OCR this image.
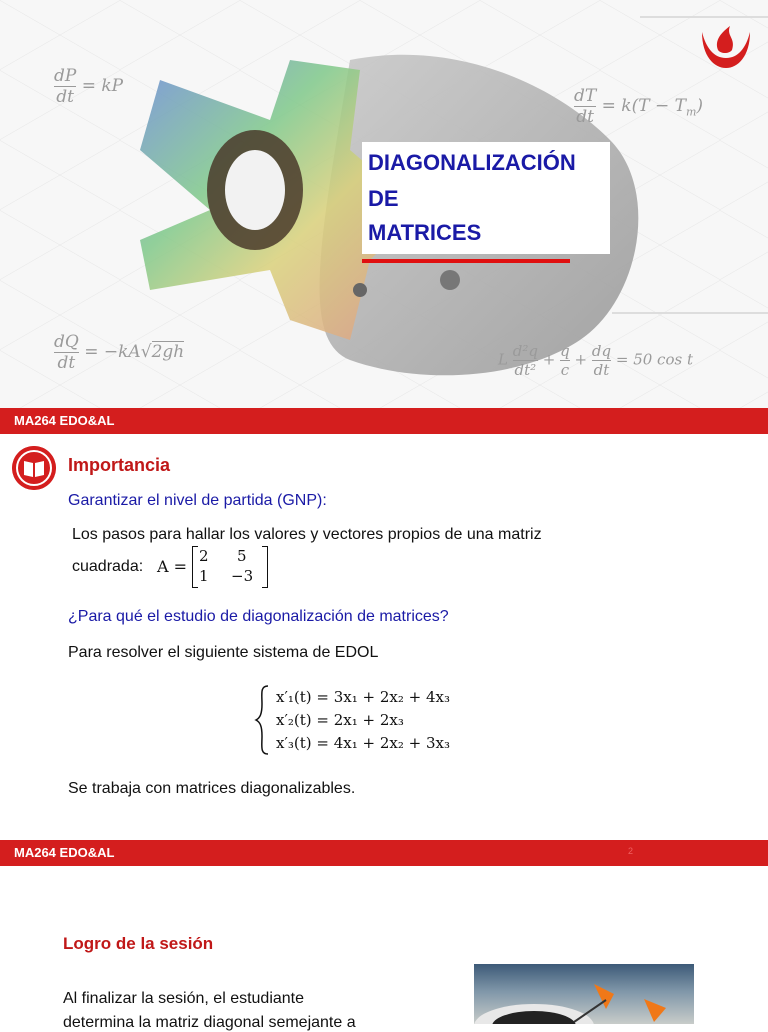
$\frac{dP}{dt}$ = kP	$\frac{dT}{dt} = k(T - T_m)$
$\frac{dQ}{dt} = -kA√2gh$	L $\frac{\text{d²q}}{\text{dt²}} + \frac{q}{c} + \frac{dq}{dt} = 50$ cos t
DIAGONALIZACIÓN
DE
MATRICES
MA264 EDO&AL
Importancia
Garantizar el nivel de partida (GNP):
Los pasos para hallar los valores y vectores propios de una matriz
cuadrada: A =
2 5
1 −3
¿Para qué el estudio de diagonalización de matrices?
Para resolver el siguiente sistema de EDOL
x′₁(t) = 3x₁ + 2x₂ + 4x₃
x′₂(t) = 2x₁ + 2x₃
x′₃(t) = 4x₁ + 2x₂ + 3x₃
Se trabaja con matrices diagonalizables.
MA264 EDO&AL	2
Logro de la sesión
Al finalizar la sesión, el estudiante
determina la matriz diagonal semejante a
